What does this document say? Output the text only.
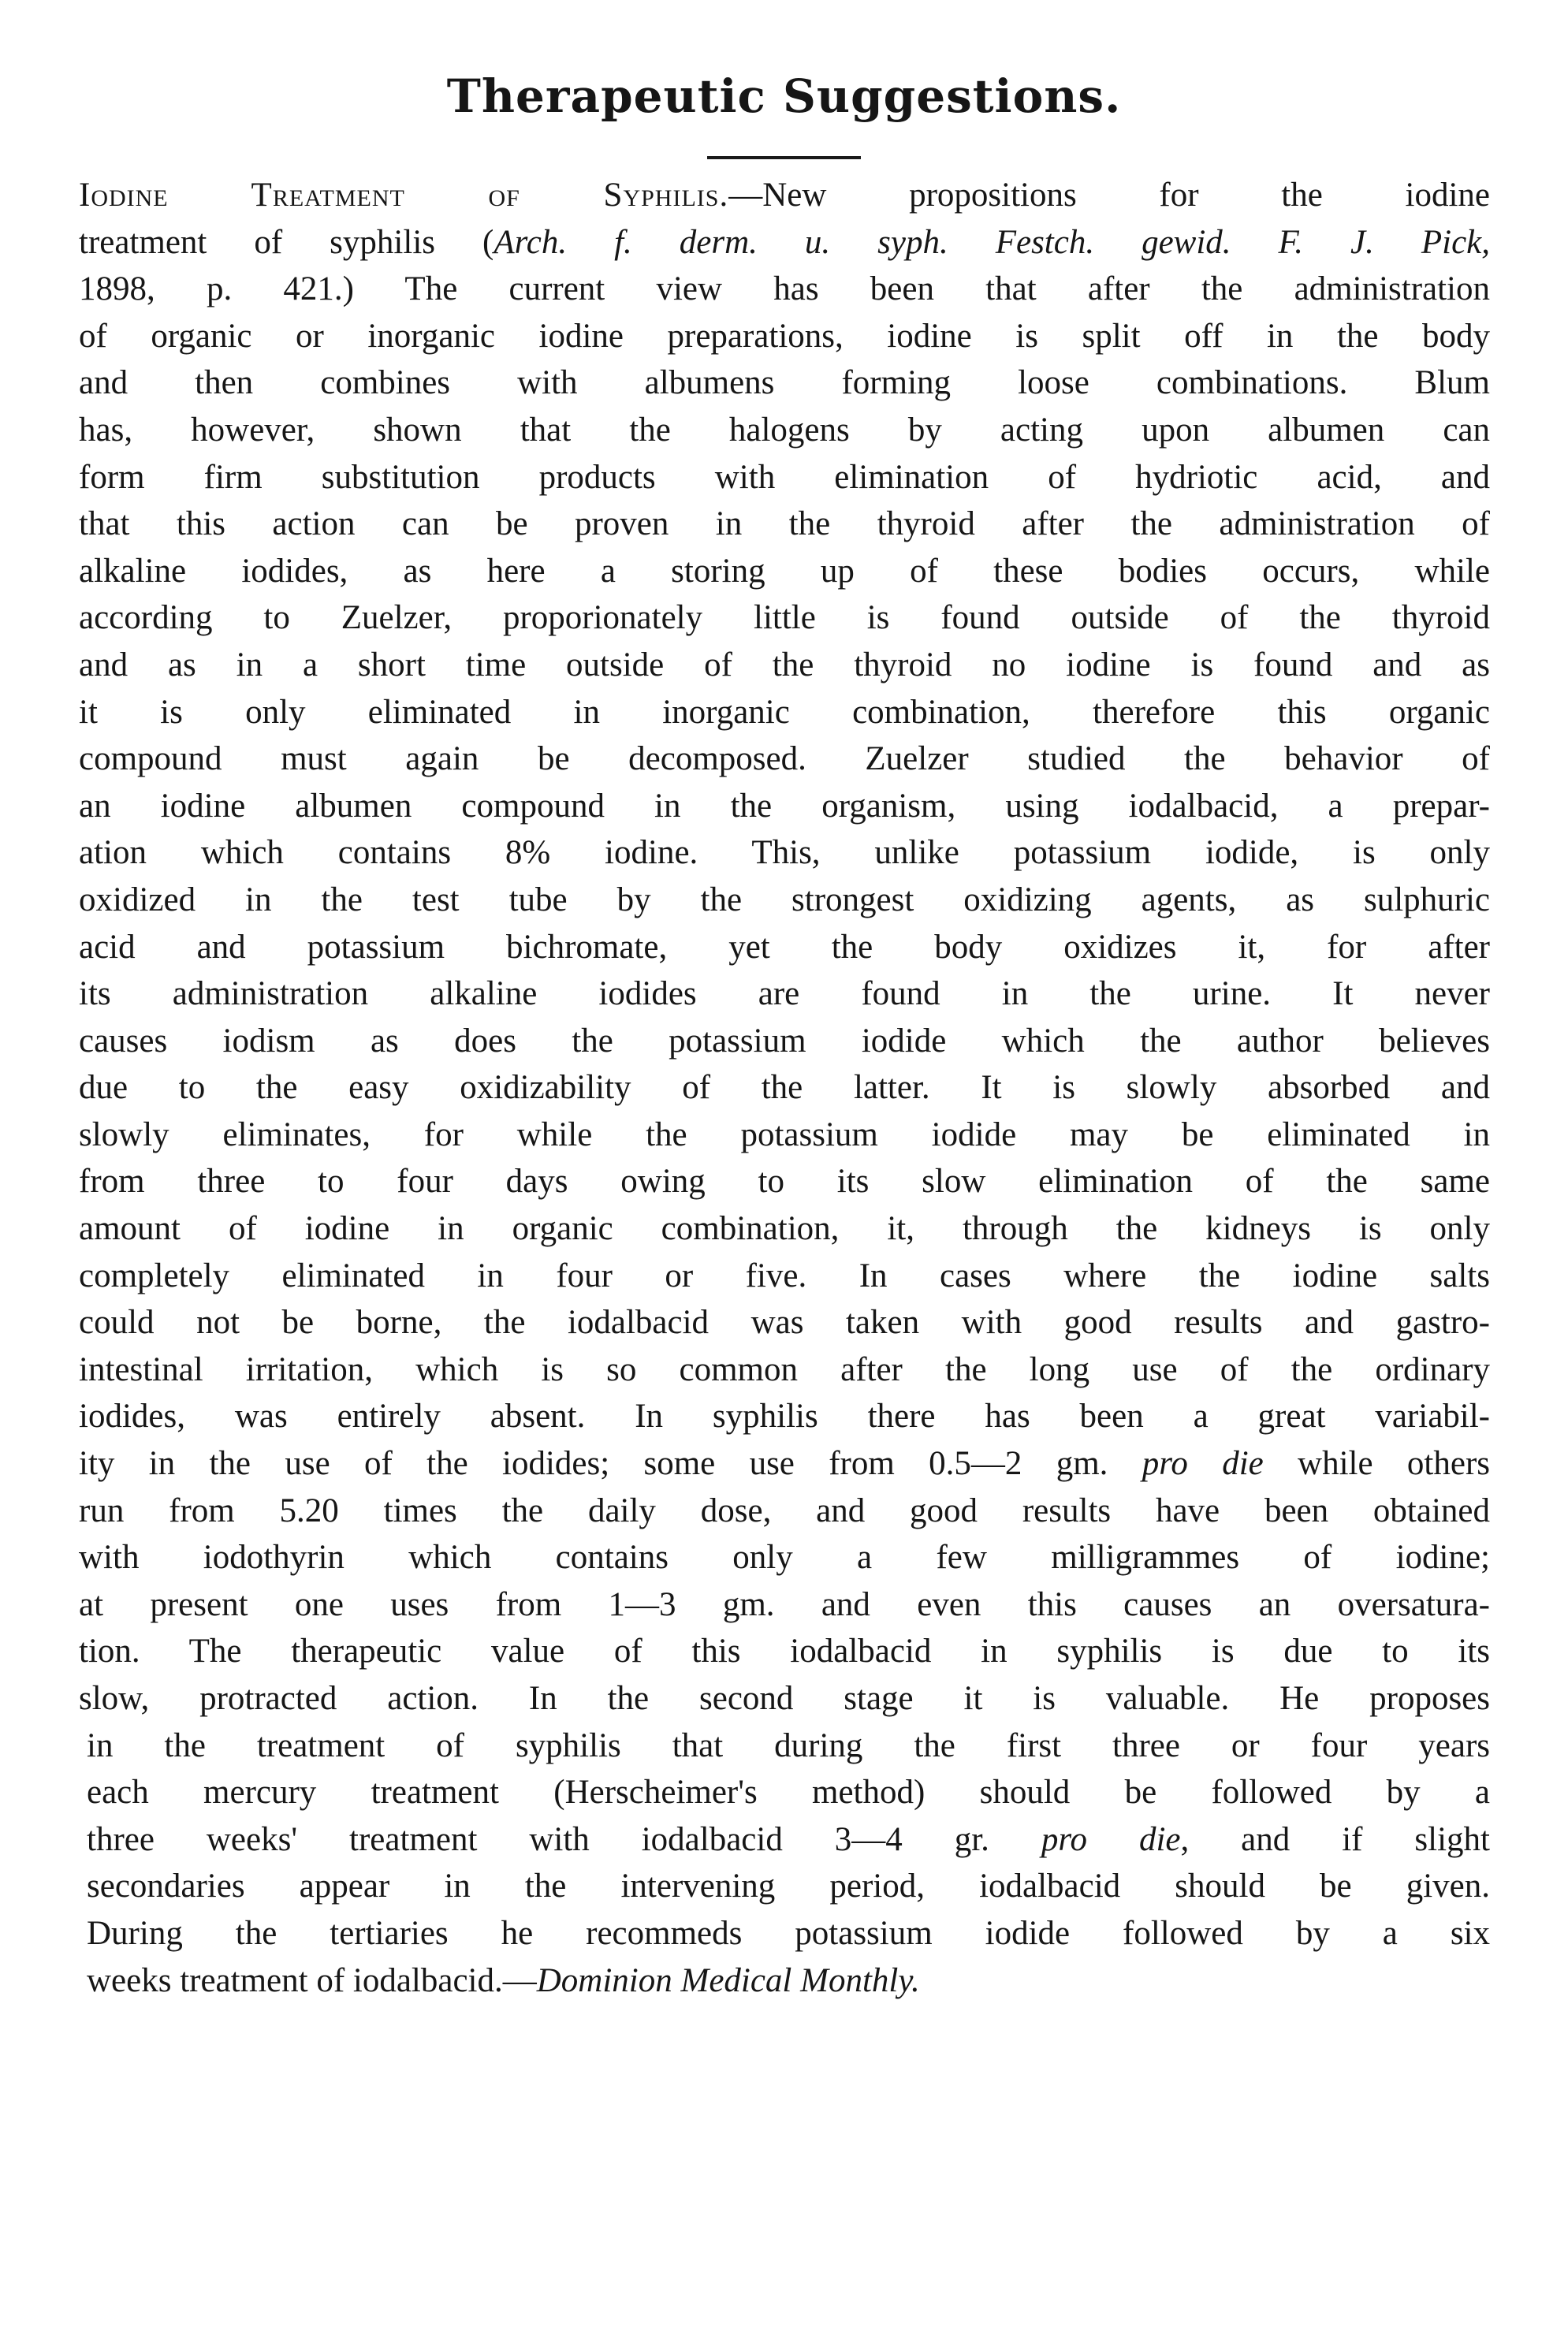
Therapeutic Suggestions.
Iodine Treatment of Syphilis.—New propositions for the iodine
treatment of syphilis (Arch. f. derm. u. syph. Festch. gewid. F. J. Pick,
1898, p. 421.) The current view has been that after the administration
of organic or inorganic iodine preparations, iodine is split off in the body
and then combines with albumens forming loose combinations. Blum
has, however, shown that the halogens by acting upon albumen can
form firm substitution products with elimination of hydriotic acid, and
that this action can be proven in the thyroid after the administration of
alkaline iodides, as here a storing up of these bodies occurs, while
according to Zuelzer, proporionately little is found outside of the thyroid
and as in a short time outside of the thyroid no iodine is found and as
it is only eliminated in inorganic combination, therefore this organic
compound must again be decomposed. Zuelzer studied the behavior of
an iodine albumen compound in the organism, using iodalbacid, a prepar-
ation which contains 8% iodine. This, unlike potassium iodide, is only
oxidized in the test tube by the strongest oxidizing agents, as sulphuric
acid and potassium bichromate, yet the body oxidizes it, for after
its administration alkaline iodides are found in the urine. It never
causes iodism as does the potassium iodide which the author believes
due to the easy oxidizability of the latter. It is slowly absorbed and
slowly eliminates, for while the potassium iodide may be eliminated in
from three to four days owing to its slow elimination of the same
amount of iodine in organic combination, it, through the kidneys is only
completely eliminated in four or five. In cases where the iodine salts
could not be borne, the iodalbacid was taken with good results and gastro-
intestinal irritation, which is so common after the long use of the ordinary
iodides, was entirely absent. In syphilis there has been a great variabil-
ity in the use of the iodides; some use from 0.5—2 gm. pro die while others
run from 5.20 times the daily dose, and good results have been obtained
with iodothyrin which contains only a few milligrammes of iodine;
at present one uses from 1—3 gm. and even this causes an oversatura-
tion. The therapeutic value of this iodalbacid in syphilis is due to its
slow, protracted action. In the second stage it is valuable. He proposes
in the treatment of syphilis that during the first three or four years
each mercury treatment (Herscheimer's method) should be followed by a
three weeks' treatment with iodalbacid 3—4 gr. pro die, and if slight
secondaries appear in the intervening period, iodalbacid should be given.
During the tertiaries he recommeds potassium iodide followed by a six
weeks treatment of iodalbacid.—Dominion Medical Monthly.
